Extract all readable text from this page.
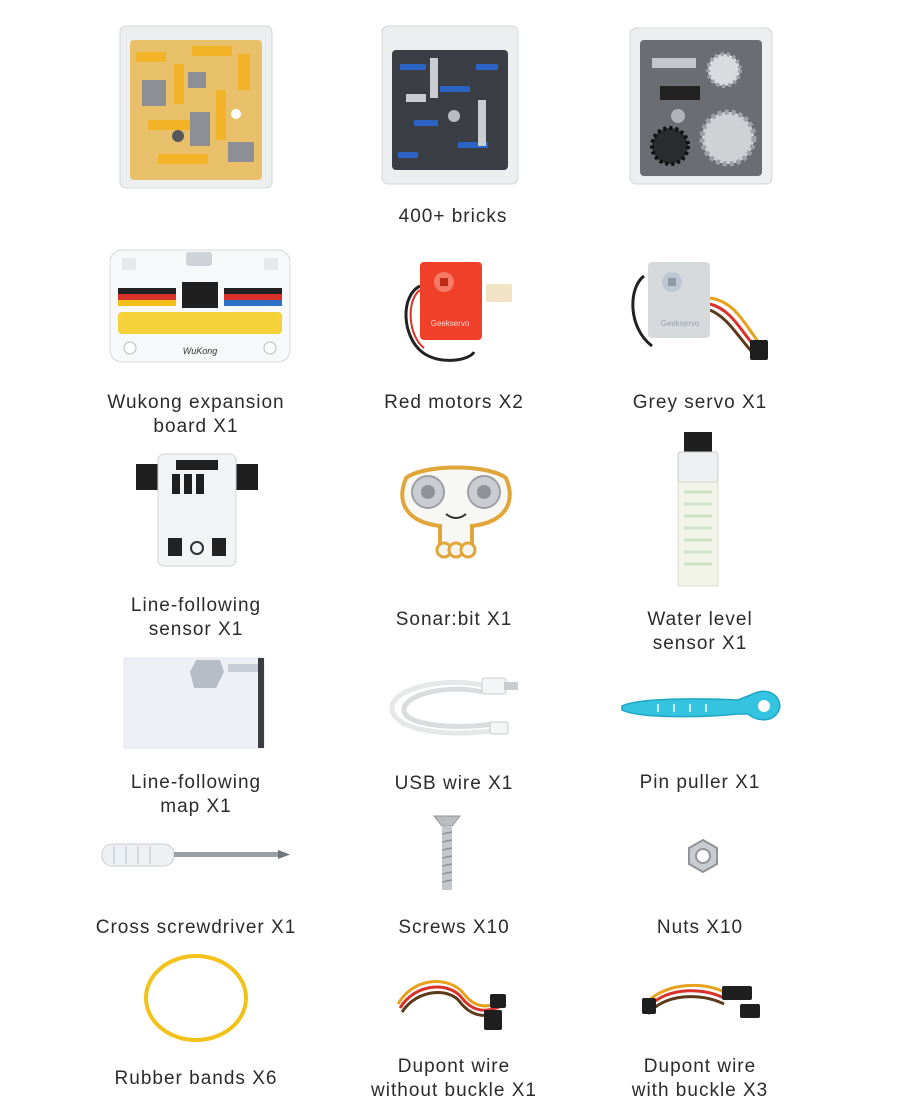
400+ bricks
WuKong
Wukong expansion
board X1
Geekservo
Red motors X2
Geekservo
Grey servo X1
Line-following
sensor X1	Sonar:bit X1	Water level
sensor X1
Line-following
map X1
USB wire X1	Pin puller X1
Cross screwdriver X1	Screws X10	Nuts X10
Rubber bands X6
Dupont wire
without buckle X1
Dupont wire
with buckle X3
